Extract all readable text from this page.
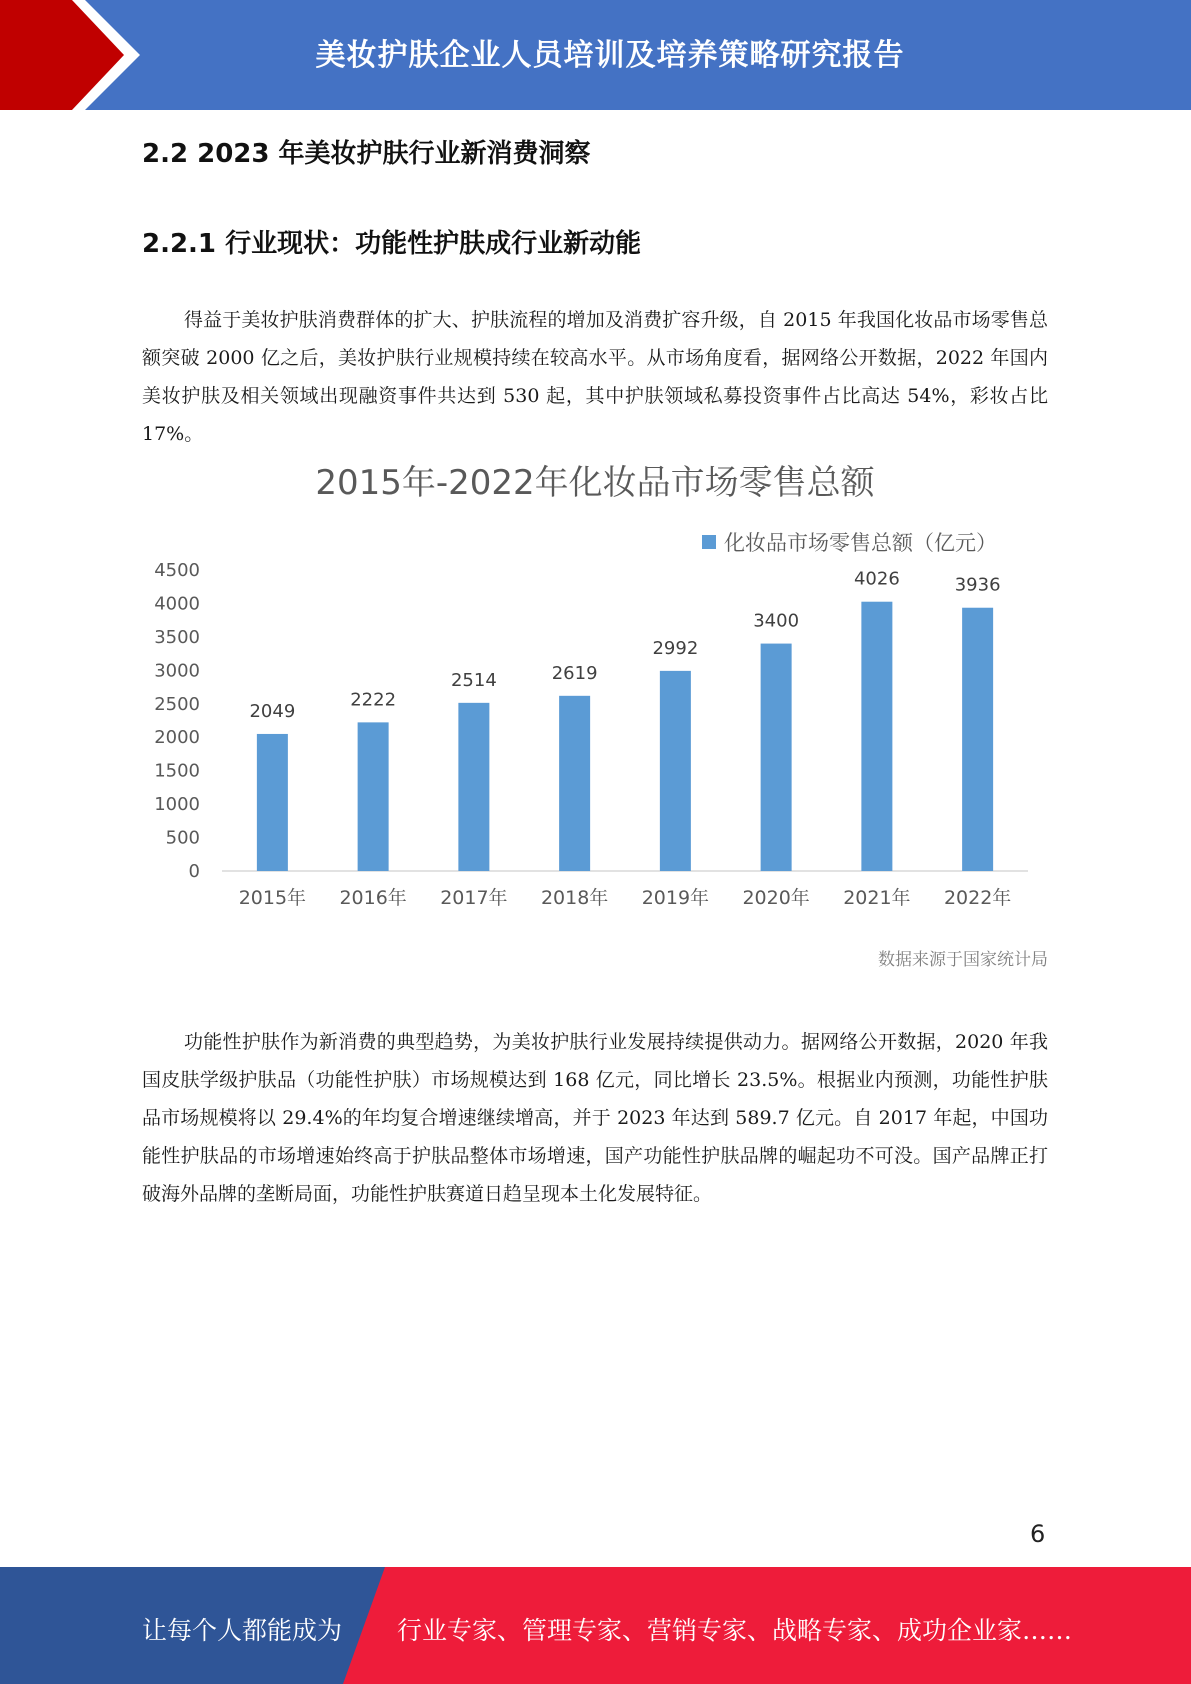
美妆护肤企业人员培训及培养策略研究报告
2.2 2023 年美妆护肤行业新消费洞察
2.2.1 行业现状：功能性护肤成行业新动能
得益于美妆护肤消费群体的扩大、护肤流程的增加及消费扩容升级，自 2015 年我国化妆品市场零售总额突破 2000 亿之后，美妆护肤行业规模持续在较高水平。从市场角度看，据网络公开数据，2022 年国内美妆护肤及相关领域出现融资事件共达到 530 起，其中护肤领域私募投资事件占比高达 54%，彩妆占比 17%。
2015年-2022年化妆品市场零售总额
化妆品市场零售总额（亿元）
0
500
1000
1500
2000
2500
3000
3500
4000
4500
2049
2015年
2222
2016年
2514
2017年
2619
2018年
2992
2019年
3400
2020年
4026
2021年
3936
2022年
数据来源于国家统计局
功能性护肤作为新消费的典型趋势，为美妆护肤行业发展持续提供动力。据网络公开数据，2020 年我国皮肤学级护肤品（功能性护肤）市场规模达到 168 亿元，同比增长 23.5%。根据业内预测，功能性护肤品市场规模将以 29.4%的年均复合增速继续增高，并于 2023 年达到 589.7 亿元。自 2017 年起，中国功能性护肤品的市场增速始终高于护肤品整体市场增速，国产功能性护肤品牌的崛起功不可没。国产品牌正打破海外品牌的垄断局面，功能性护肤赛道日趋呈现本土化发展特征。
6
让每个人都能成为 行业专家、管理专家、营销专家、战略专家、成功企业家……
